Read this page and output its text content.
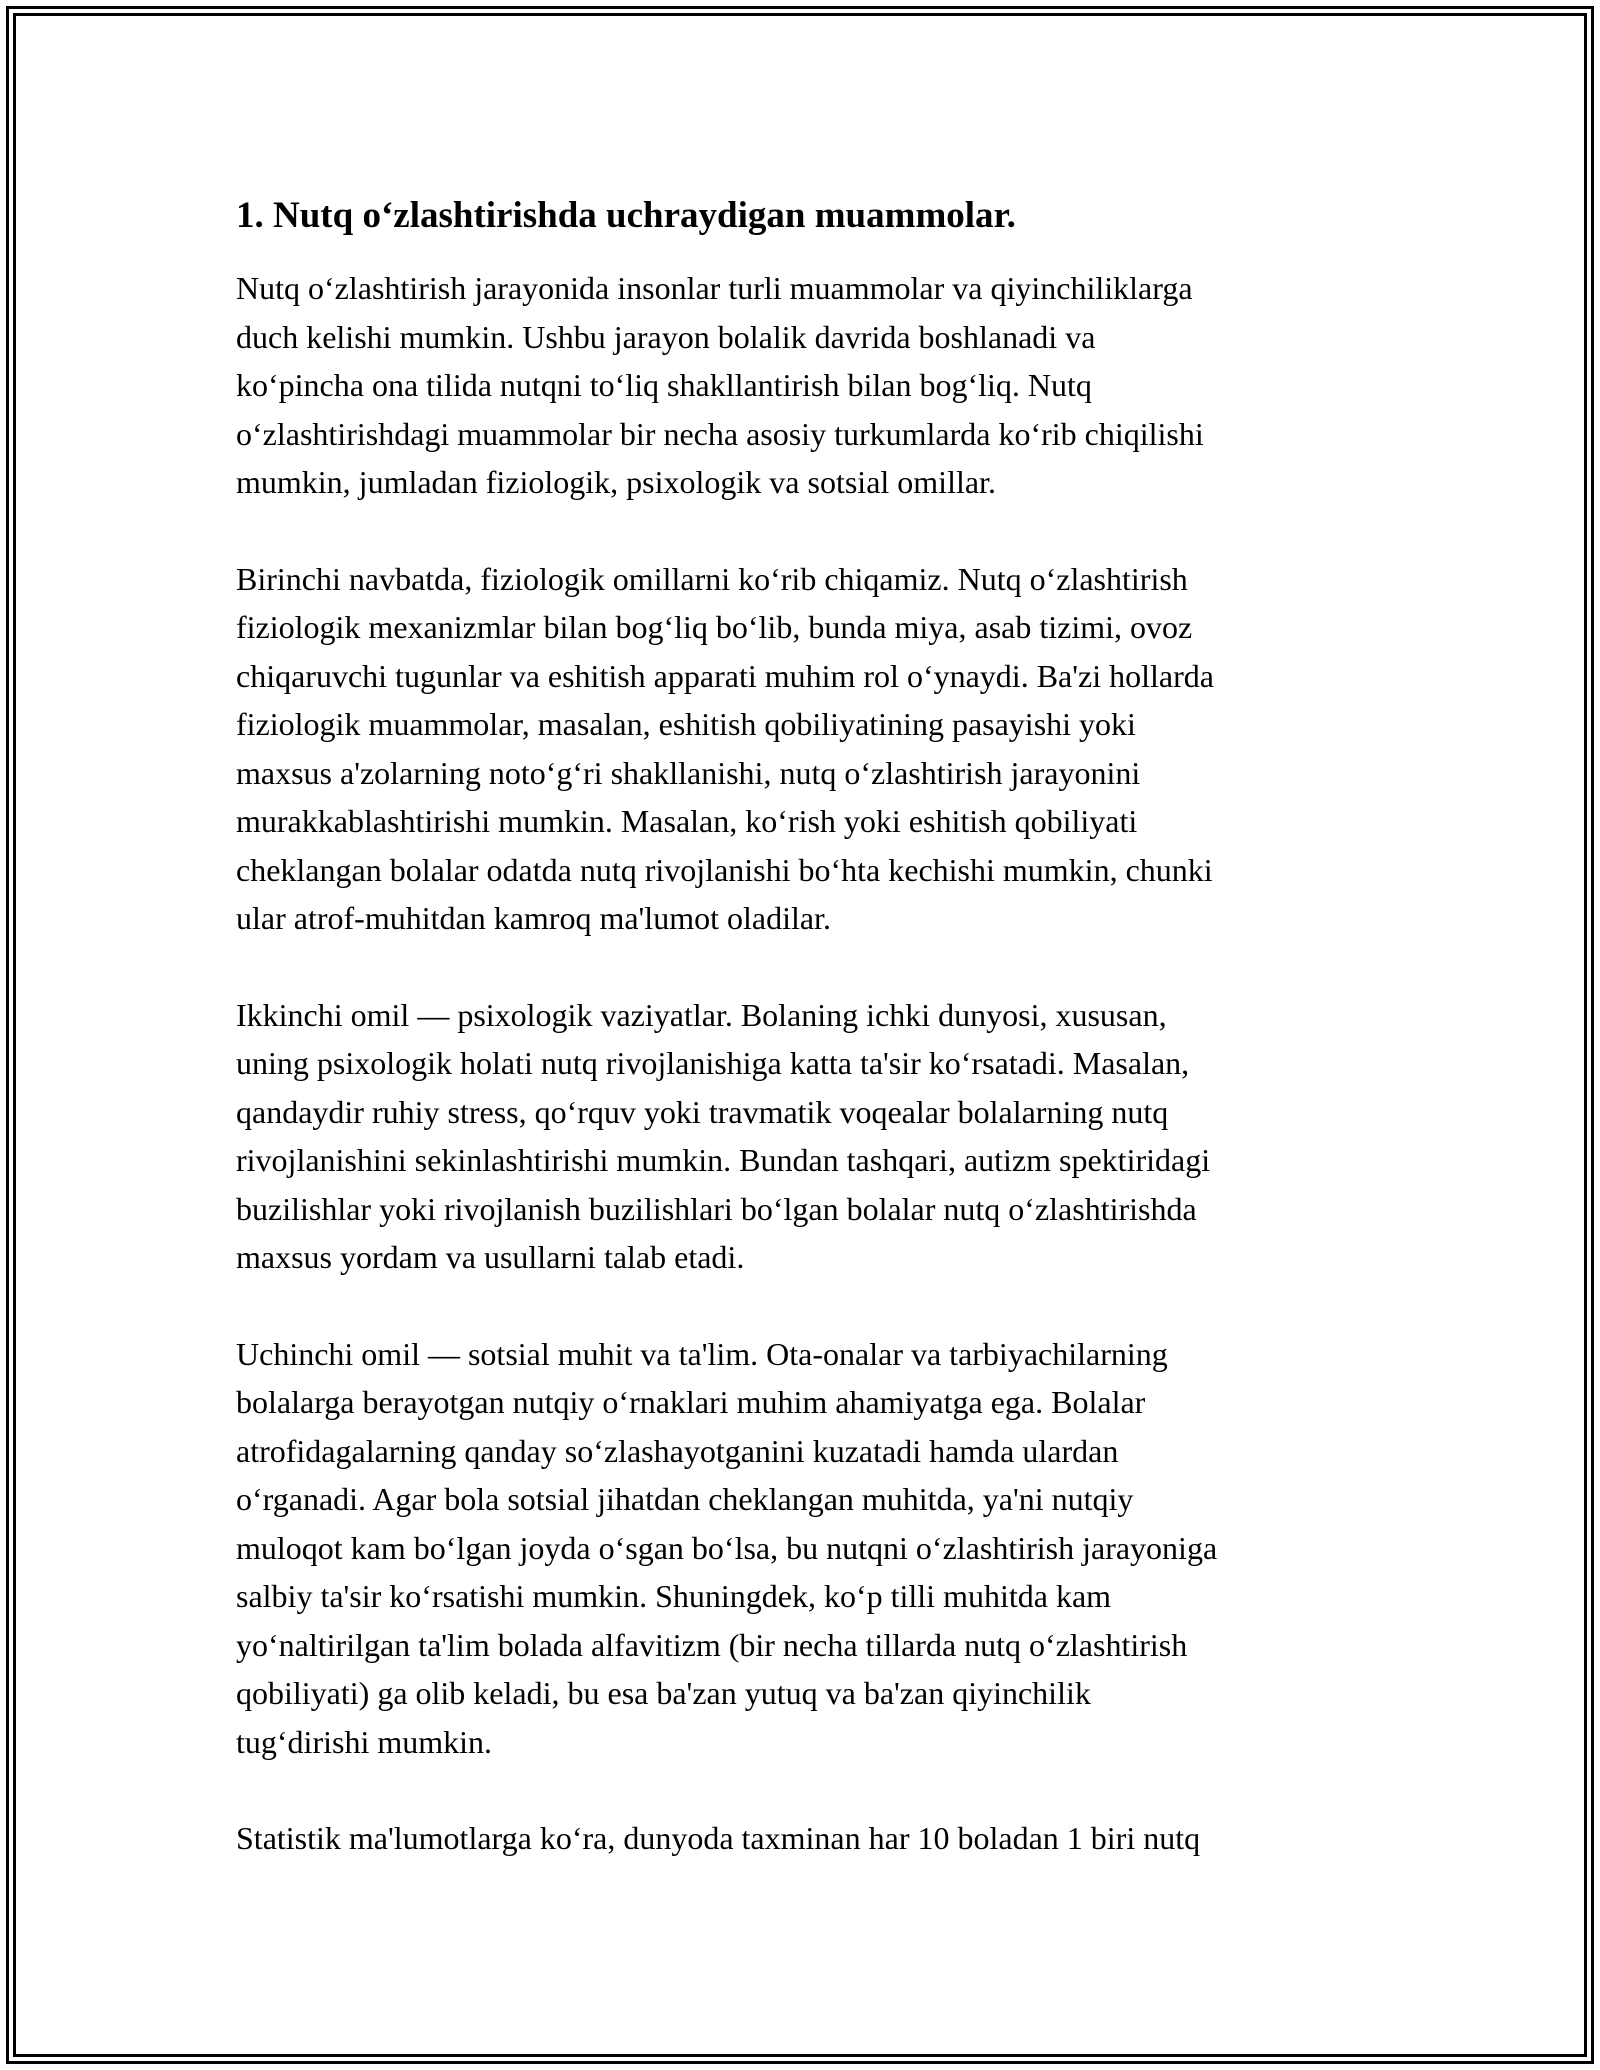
1. Nutq o‘zlashtirishda uchraydigan muammolar.

Nutq o‘zlashtirish jarayonida insonlar turli muammolar va qiyinchiliklarga
duch kelishi mumkin. Ushbu jarayon bolalik davrida boshlanadi va
ko‘pincha ona tilida nutqni to‘liq shakllantirish bilan bog‘liq. Nutq
o‘zlashtirishdagi muammolar bir necha asosiy turkumlarda ko‘rib chiqilishi
mumkin, jumladan fiziologik, psixologik va sotsial omillar.

Birinchi navbatda, fiziologik omillarni ko‘rib chiqamiz. Nutq o‘zlashtirish
fiziologik mexanizmlar bilan bog‘liq bo‘lib, bunda miya, asab tizimi, ovoz
chiqaruvchi tugunlar va eshitish apparati muhim rol o‘ynaydi. Ba'zi hollarda
fiziologik muammolar, masalan, eshitish qobiliyatining pasayishi yoki
maxsus a'zolarning noto‘g‘ri shakllanishi, nutq o‘zlashtirish jarayonini
murakkablashtirishi mumkin. Masalan, ko‘rish yoki eshitish qobiliyati
cheklangan bolalar odatda nutq rivojlanishi bo‘hta kechishi mumkin, chunki
ular atrof-muhitdan kamroq ma'lumot oladilar.

Ikkinchi omil — psixologik vaziyatlar. Bolaning ichki dunyosi, xususan,
uning psixologik holati nutq rivojlanishiga katta ta'sir ko‘rsatadi. Masalan,
qandaydir ruhiy stress, qo‘rquv yoki travmatik voqealar bolalarning nutq
rivojlanishini sekinlashtirishi mumkin. Bundan tashqari, autizm spektiridagi
buzilishlar yoki rivojlanish buzilishlari bo‘lgan bolalar nutq o‘zlashtirishda
maxsus yordam va usullarni talab etadi.

Uchinchi omil — sotsial muhit va ta'lim. Ota-onalar va tarbiyachilarning
bolalarga berayotgan nutqiy o‘rnaklari muhim ahamiyatga ega. Bolalar
atrofidagalarning qanday so‘zlashayotganini kuzatadi hamda ulardan
o‘rganadi. Agar bola sotsial jihatdan cheklangan muhitda, ya'ni nutqiy
muloqot kam bo‘lgan joyda o‘sgan bo‘lsa, bu nutqni o‘zlashtirish jarayoniga
salbiy ta'sir ko‘rsatishi mumkin. Shuningdek, ko‘p tilli muhitda kam
yo‘naltirilgan ta'lim bolada alfavitizm (bir necha tillarda nutq o‘zlashtirish
qobiliyati) ga olib keladi, bu esa ba'zan yutuq va ba'zan qiyinchilik
tug‘dirishi mumkin.

Statistik ma'lumotlarga ko‘ra, dunyoda taxminan har 10 boladan 1 biri nutq
